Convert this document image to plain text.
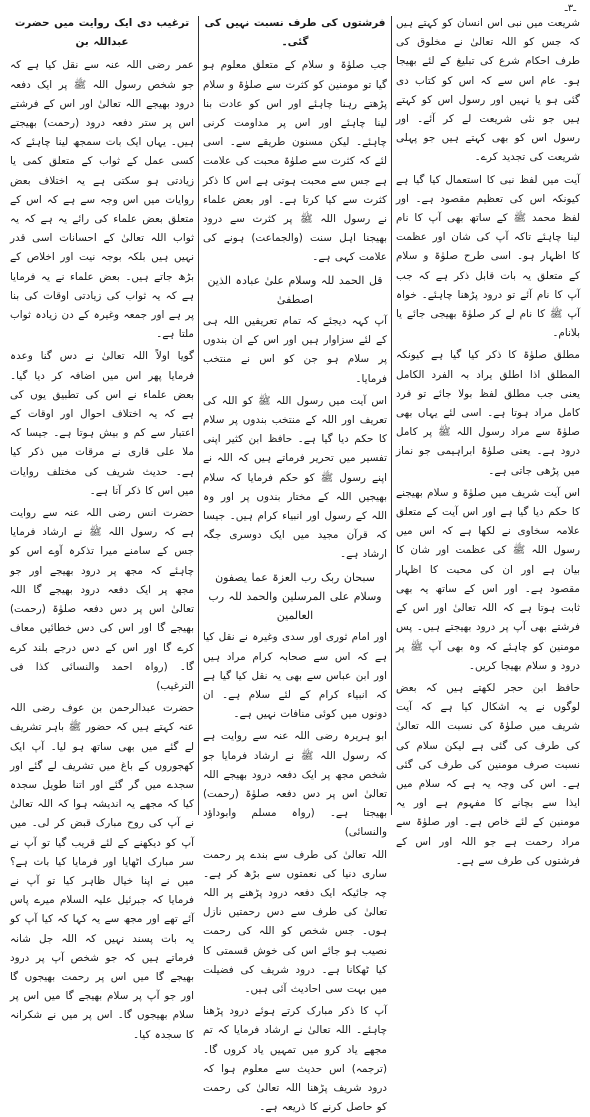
ـ۳ـ

شریعت میں نبی اس انسان کو کہتے ہیں کہ جس کو اللہ تعالیٰ نے مخلوق کی طرف احکام شرع کی تبلیغ کے لئے بھیجا ہو۔ عام اس سے کہ اس کو کتاب دی گئی ہو یا نہیں اور رسول اس کو کہتے ہیں جو نئی شریعت لے کر آئے۔ اور رسول اس کو بھی کہتے ہیں جو پہلی شریعت کی تجدید کرے۔

آیت میں لفظ نبی کا استعمال کیا گیا ہے کیونکہ اس کی تعظیم مقصود ہے۔ اور لفظ محمد ﷺ کے ساتھ بھی آپ کا نام لینا چاہئے تاکہ آپ کی شان اور عظمت کا اظہار ہو۔ اسی طرح صلوٰۃ و سلام کے متعلق یہ بات قابل ذکر ہے کہ جب آپ کا نام آئے تو درود پڑھنا چاہئے۔ خواہ آپ ﷺ کا نام لے کر صلوٰۃ بھیجی جائے یا بلانام۔

مطلق صلوٰۃ کا ذکر کیا گیا ہے کیونکہ المطلق اذا اطلق یراد بہ الفرد الکامل یعنی جب مطلق لفظ بولا جائے تو فرد کامل مراد ہوتا ہے۔ اسی لئے یہاں بھی صلوٰۃ سے مراد رسول اللہ ﷺ پر کامل درود ہے۔ یعنی صلوٰۃ ابراہیمی جو نماز میں پڑھی جاتی ہے۔

اس آیت شریف میں صلوٰۃ و سلام بھیجنے کا حکم دیا گیا ہے اور اس آیت کے متعلق علامہ سخاوی نے لکھا ہے کہ اس میں رسول اللہ ﷺ کی عظمت اور شان کا بیان ہے اور ان کی محبت کا اظہار مقصود ہے۔ اور اس کے ساتھ یہ بھی ثابت ہوتا ہے کہ اللہ تعالیٰ اور اس کے فرشتے بھی آپ پر درود بھیجتے ہیں۔ پس مومنین کو چاہئے کہ وہ بھی آپ ﷺ پر درود و سلام بھیجا کریں۔

حافظ ابن حجر لکھتے ہیں کہ بعض لوگوں نے یہ اشکال کیا ہے کہ آیت شریف میں صلوٰۃ کی نسبت اللہ تعالیٰ کی طرف کی گئی ہے لیکن سلام کی نسبت صرف مومنین کی طرف کی گئی ہے۔ اس کی وجہ یہ ہے کہ سلام میں ایذا سے بچانے کا مفہوم ہے اور یہ مومنین کے لئے خاص ہے۔ اور صلوٰۃ سے مراد رحمت ہے جو اللہ اور اس کے فرشتوں کی طرف سے ہے۔

فرشتوں کی طرف نسبت نہیں کی گئی۔

جب صلوٰۃ و سلام کے متعلق معلوم ہو گیا تو مومنین کو کثرت سے صلوٰۃ و سلام پڑھتے رہنا چاہئے اور اس کو عادت بنا لینا چاہئے اور اس پر مداومت کرنی چاہئے۔ لیکن مسنون طریقے سے۔ اسی لئے کہ کثرت سے صلوٰۃ محبت کی علامت ہے جس سے محبت ہوتی ہے اس کا ذکر کثرت سے کیا کرتا ہے۔ اور بعض علماء نے رسول اللہ ﷺ پر کثرت سے درود بھیجنا اہل سنت (والجماعت) ہونے کی علامت کہی ہے۔

قل الحمد للہ وسلام علیٰ عبادہ الذین اصطفیٰ

آپ کہہ دیجئے کہ تمام تعریفیں اللہ ہی کے لئے سزاوار ہیں اور اس کے ان بندوں پر سلام ہو جن کو اس نے منتخب فرمایا۔

اس آیت میں رسول اللہ ﷺ کو اللہ کی تعریف اور اللہ کے منتخب بندوں پر سلام کا حکم دیا گیا ہے۔ حافظ ابن کثیر اپنی تفسیر میں تحریر فرماتے ہیں کہ اللہ نے اپنے رسول ﷺ کو حکم فرمایا کہ سلام بھیجیں اللہ کے مختار بندوں پر اور وہ اللہ کے رسول اور انبیاء کرام ہیں۔ جیسا کہ قرآن مجید میں ایک دوسری جگہ ارشاد ہے۔

سبحان ربک رب العزۃ عما یصفون وسلام علی المرسلین والحمد للہ رب العالمین

اور امام ثوری اور سدی وغیرہ نے نقل کیا ہے کہ اس سے صحابہ کرام مراد ہیں اور ابن عباس سے بھی یہ نقل کیا گیا ہے کہ انبیاء کرام کے لئے سلام ہے۔ ان دونوں میں کوئی منافات نہیں ہے۔

ابو ہریرہ رضی اللہ عنہ سے روایت ہے کہ رسول اللہ ﷺ نے ارشاد فرمایا جو شخص مجھ پر ایک دفعہ درود بھیجے اللہ تعالیٰ اس پر دس دفعہ صلوٰۃ (رحمت) بھیجتا ہے۔ (رواہ مسلم وابوداؤد والنسائی)

اللہ تعالیٰ کی طرف سے بندے پر رحمت ساری دنیا کی نعمتوں سے بڑھ کر ہے۔ چہ جائیکہ ایک دفعہ درود پڑھنے پر اللہ تعالیٰ کی طرف سے دس رحمتیں نازل ہوں۔ جس شخص کو اللہ کی رحمت نصیب ہو جائے اس کی خوش قسمتی کا کیا ٹھکانا ہے۔ درود شریف کی فضیلت میں بہت سی احادیث آئی ہیں۔

آپ کا ذکر مبارک کرتے ہوئے درود پڑھنا چاہئے۔ اللہ تعالیٰ نے ارشاد فرمایا کہ تم مجھے یاد کرو میں تمہیں یاد کروں گا۔ (ترجمہ) اس حدیث سے معلوم ہوا کہ درود شریف پڑھنا اللہ تعالیٰ کی رحمت کو حاصل کرنے کا ذریعہ ہے۔

ترغیب دی ایک روایت میں حضرت عبداللہ بن

عمر رضی اللہ عنہ سے نقل کیا ہے کہ جو شخص رسول اللہ ﷺ پر ایک دفعہ درود بھیجے اللہ تعالیٰ اور اس کے فرشتے اس پر ستر دفعہ درود (رحمت) بھیجتے ہیں۔ یہاں ایک بات سمجھ لینا چاہئے کہ کسی عمل کے ثواب کے متعلق کمی یا زیادتی ہو سکتی ہے یہ اختلاف بعض روایات میں اس وجہ سے ہے کہ اس کے متعلق بعض علماء کی رائے یہ ہے کہ یہ ثواب اللہ تعالیٰ کے احسانات اسی قدر نہیں ہیں بلکہ بوجہ نیت اور اخلاص کے بڑھ جاتے ہیں۔ بعض علماء نے یہ فرمایا ہے کہ یہ ثواب کی زیادتی اوقات کی بنا پر ہے اور جمعہ وغیرہ کے دن زیادہ ثواب ملتا ہے۔

گویا اولاً اللہ تعالیٰ نے دس گنا وعدہ فرمایا پھر اس میں اضافہ کر دیا گیا۔ بعض علماء نے اس کی تطبیق یوں کی ہے کہ یہ اختلاف احوال اور اوقات کے اعتبار سے کم و بیش ہوتا ہے۔ جیسا کہ ملا علی قاری نے مرقات میں ذکر کیا ہے۔ حدیث شریف کی مختلف روایات میں اس کا ذکر آتا ہے۔

حضرت انس رضی اللہ عنہ سے روایت ہے کہ رسول اللہ ﷺ نے ارشاد فرمایا جس کے سامنے میرا تذکرہ آوے اس کو چاہئے کہ مجھ پر درود بھیجے اور جو مجھ پر ایک دفعہ درود بھیجے گا اللہ تعالیٰ اس پر دس دفعہ صلوٰۃ (رحمت) بھیجے گا اور اس کی دس خطائیں معاف کرے گا اور اس کے دس درجے بلند کرے گا۔ (رواہ احمد والنسائی کذا فی الترغیب)

حضرت عبدالرحمن بن عوف رضی اللہ عنہ کہتے ہیں کہ حضور ﷺ باہر تشریف لے گئے میں بھی ساتھ ہو لیا۔ آپ ایک کھجوروں کے باغ میں تشریف لے گئے اور سجدے میں گر گئے اور اتنا طویل سجدہ کیا کہ مجھے یہ اندیشہ ہوا کہ اللہ تعالیٰ نے آپ کی روح مبارک قبض کر لی۔ میں آپ کو دیکھنے کے لئے قریب گیا تو آپ نے سر مبارک اٹھایا اور فرمایا کیا بات ہے؟ میں نے اپنا خیال ظاہر کیا تو آپ نے فرمایا کہ جبرئیل علیہ السلام میرے پاس آئے تھے اور مجھ سے یہ کہا کہ کیا آپ کو یہ بات پسند نہیں کہ اللہ جل شانہ فرماتے ہیں کہ جو شخص آپ پر درود بھیجے گا میں اس پر رحمت بھیجوں گا اور جو آپ پر سلام بھیجے گا میں اس پر سلام بھیجوں گا۔ اس پر میں نے شکرانہ کا سجدہ کیا۔
